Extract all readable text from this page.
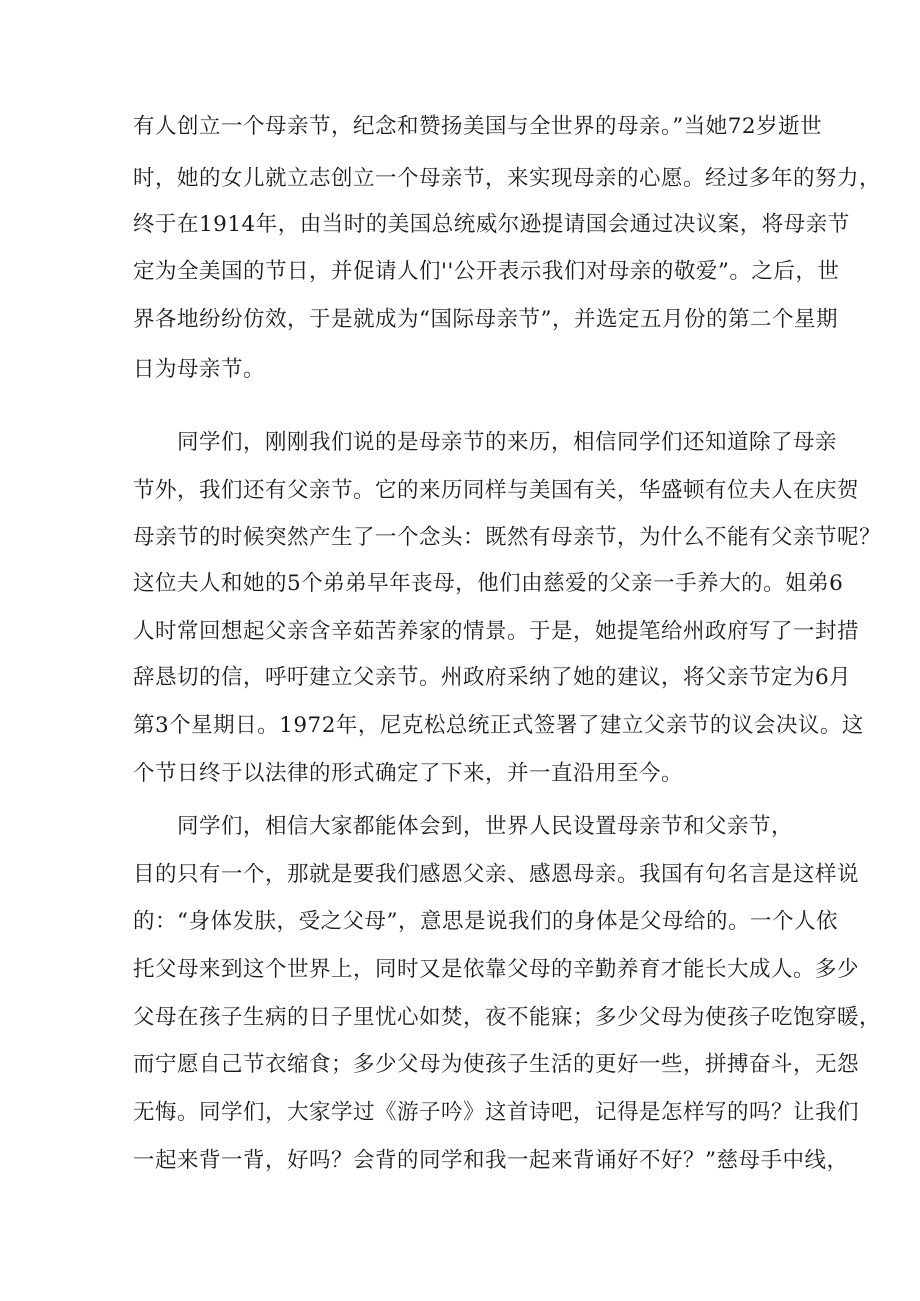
有人创立一个母亲节，纪念和赞扬美国与全世界的母亲。”当她72岁逝世
时，她的女儿就立志创立一个母亲节，来实现母亲的心愿。经过多年的努力，
终于在1914年，由当时的美国总统威尔逊提请国会通过决议案，将母亲节
定为全美国的节日，并促请人们''公开表示我们对母亲的敬爱”。之后，世
界各地纷纷仿效，于是就成为“国际母亲节”，并选定五月份的第二个星期
日为母亲节。
同学们，刚刚我们说的是母亲节的来历，相信同学们还知道除了母亲
节外，我们还有父亲节。它的来历同样与美国有关，华盛顿有位夫人在庆贺
母亲节的时候突然产生了一个念头：既然有母亲节，为什么不能有父亲节呢？
这位夫人和她的5个弟弟早年丧母，他们由慈爱的父亲一手养大的。姐弟6
人时常回想起父亲含辛茹苦养家的情景。于是，她提笔给州政府写了一封措
辞恳切的信，呼吁建立父亲节。州政府采纳了她的建议，将父亲节定为6月
第3个星期日。1972年，尼克松总统正式签署了建立父亲节的议会决议。这
个节日终于以法律的形式确定了下来，并一直沿用至今。
同学们，相信大家都能体会到，世界人民设置母亲节和父亲节，
目的只有一个，那就是要我们感恩父亲、感恩母亲。我国有句名言是这样说
的：“身体发肤，受之父母”，意思是说我们的身体是父母给的。一个人依
托父母来到这个世界上，同时又是依靠父母的辛勤养育才能长大成人。多少
父母在孩子生病的日子里忧心如焚，夜不能寐；多少父母为使孩子吃饱穿暖，
而宁愿自己节衣缩食；多少父母为使孩子生活的更好一些，拼搏奋斗，无怨
无悔。同学们，大家学过《游子吟》这首诗吧，记得是怎样写的吗？让我们
一起来背一背，好吗？会背的同学和我一起来背诵好不好？”慈母手中线，
